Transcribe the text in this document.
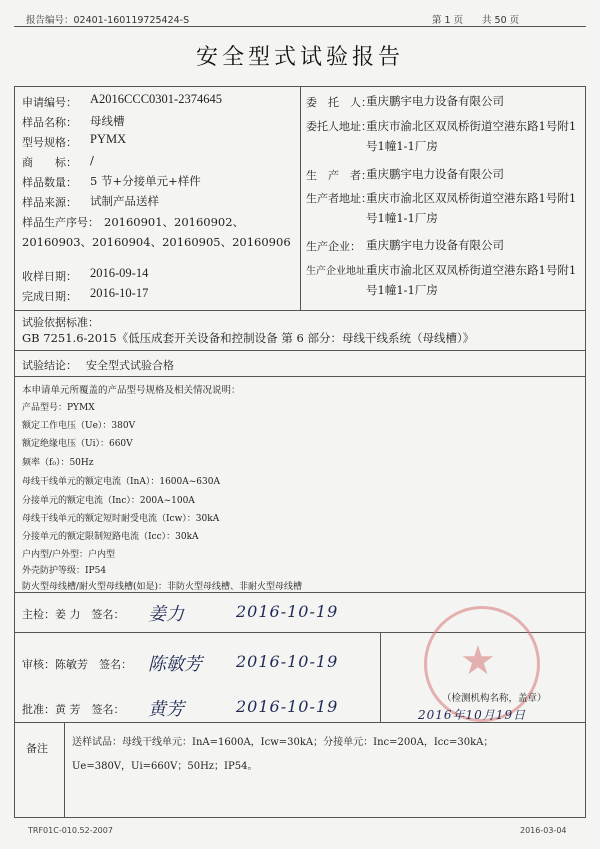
报告编号：02401-160119725424-S	第 1 页 共 50 页
安全型式试验报告
申请编号： A2016CCC0301-2374645
样品名称： 母线槽
型号规格： PYMX
商　　标： /
样品数量： 5 节+分接单元+样件
样品来源： 试制产品送样
样品生产序号： 20160901、20160902、20160903、20160904、20160905、20160906
收样日期： 2016-09-14
完成日期： 2016-10-17
委　托　人：
重庆鹏宇电力设备有限公司
委托人地址：
重庆市渝北区双凤桥街道空港东路1号附1号1幢1-1厂房
生　产　者：
重庆鹏宇电力设备有限公司
生产者地址：
重庆市渝北区双凤桥街道空港东路1号附1号1幢1-1厂房
生产企业： 重庆鹏宇电力设备有限公司
生产企业地址：
重庆市渝北区双凤桥街道空港东路1号附1号1幢1-1厂房
试验依据标准：
GB 7251.6-2015《低压成套开关设备和控制设备 第 6 部分：母线干线系统（母线槽）》
试验结论： 安全型式试验合格
本申请单元所覆盖的产品型号规格及相关情况说明：
产品型号：PYMX
额定工作电压（Ue）：380V
额定绝缘电压（Ui）：660V
频率（f₀）：50Hz
母线干线单元的额定电流（InA）：1600A~630A
分接单元的额定电流（Inc）：200A~100A
母线干线单元的额定短时耐受电流（Icw）：30kA
分接单元的额定限制短路电流（Icc）：30kA
户内型/户外型：户内型
外壳防护等级：IP54
防火型母线槽/耐火型母线槽(如是)：非防火型母线槽、非耐火型母线槽
主检：姜 力　签名： 姜力	2016-10-19
审核：陈敏芳　签名： 陈敏芳 2016-10-19
批准：黄 芳　签名： 黄芳	2016-10-19
★
（检测机构名称，盖章）
2016年10月19日
备注 送样试品：母线干线单元：InA=1600A，Icw=30kA；分接单元：Inc=200A，Icc=30kA；
Ue=380V，Ui=660V；50Hz；IP54。
TRF01C-010.52-2007	2016-03-04
